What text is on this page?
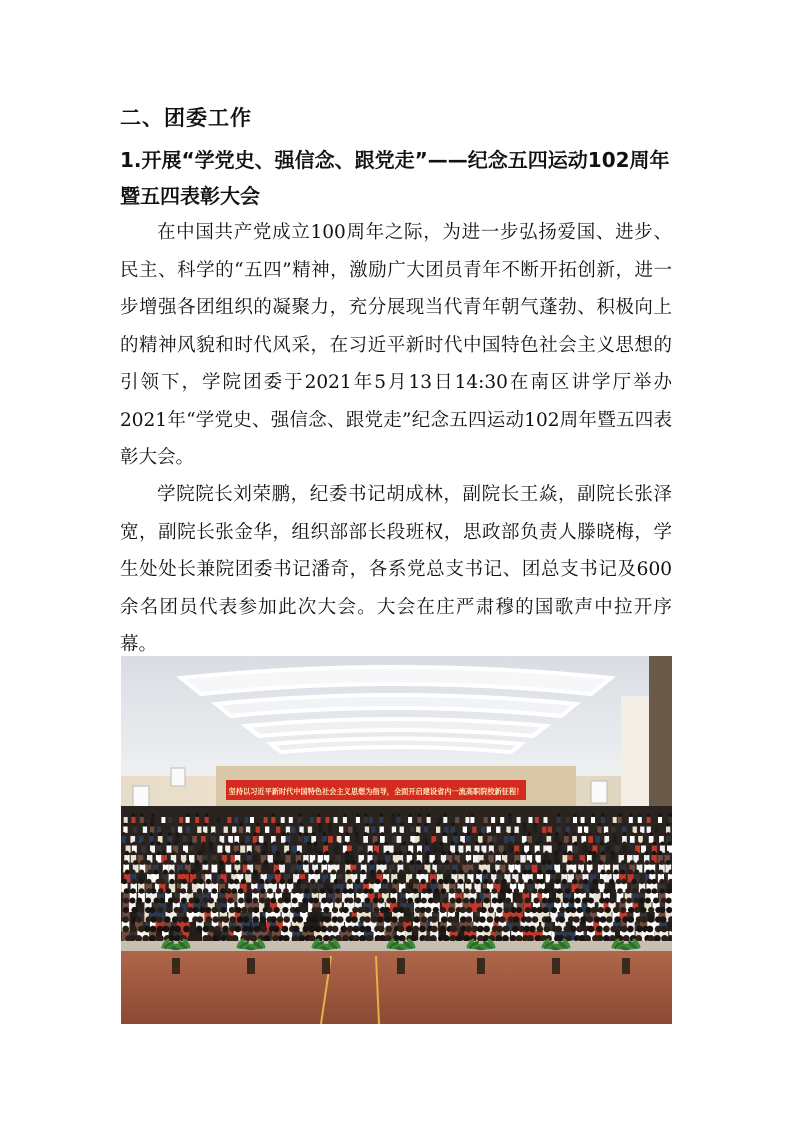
二、团委工作
1.开展“学党史、强信念、跟党走”——纪念五四运动102周年暨五四表彰大会

在中国共产党成立100周年之际，为进一步弘扬爱国、进步、民主、科学的“五四”精神，激励广大团员青年不断开拓创新，进一步增强各团组织的凝聚力，充分展现当代青年朝气蓬勃、积极向上的精神风貌和时代风采，在习近平新时代中国特色社会主义思想的引领下，学院团委于2021年5月13日14:30在南区讲学厅举办2021年“学党史、强信念、跟党走”纪念五四运动102周年暨五四表彰大会。

学院院长刘荣鹏，纪委书记胡成林，副院长王焱，副院长张泽宽，副院长张金华，组织部部长段班权，思政部负责人滕晓梅，学生处处长兼院团委书记潘奇，各系党总支书记、团总支书记及600余名团员代表参加此次大会。大会在庄严肃穆的国歌声中拉开序幕。

坚持以习近平新时代中国特色社会主义思想为指导，全面开启建设省内一流高职院校新征程！
